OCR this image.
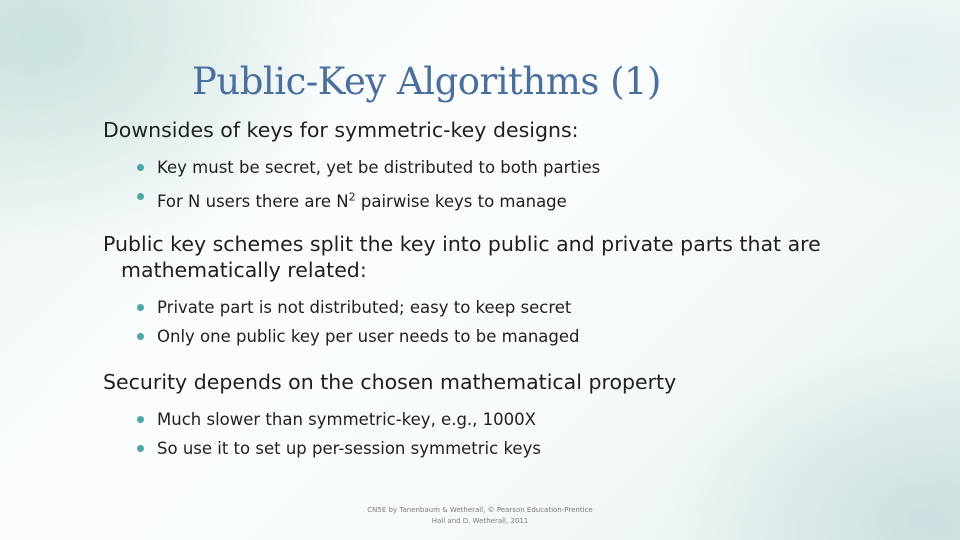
Public-Key Algorithms (1)

Downsides of keys for symmetric-key designs:

Key must be secret, yet be distributed to both parties
For N users there are $N^2$ pairwise keys to manage

Public key schemes split the key into public and private parts that are
mathematically related:

Private part is not distributed; easy to keep secret
Only one public key per user needs to be managed

Security depends on the chosen mathematical property

Much slower than symmetric-key, e.g., 1000X
So use it to set up per-session symmetric keys
CN5E by Tanenbaum & Wetherall, © Pearson Education-Prentice
Hall and D. Wetherall, 2011
